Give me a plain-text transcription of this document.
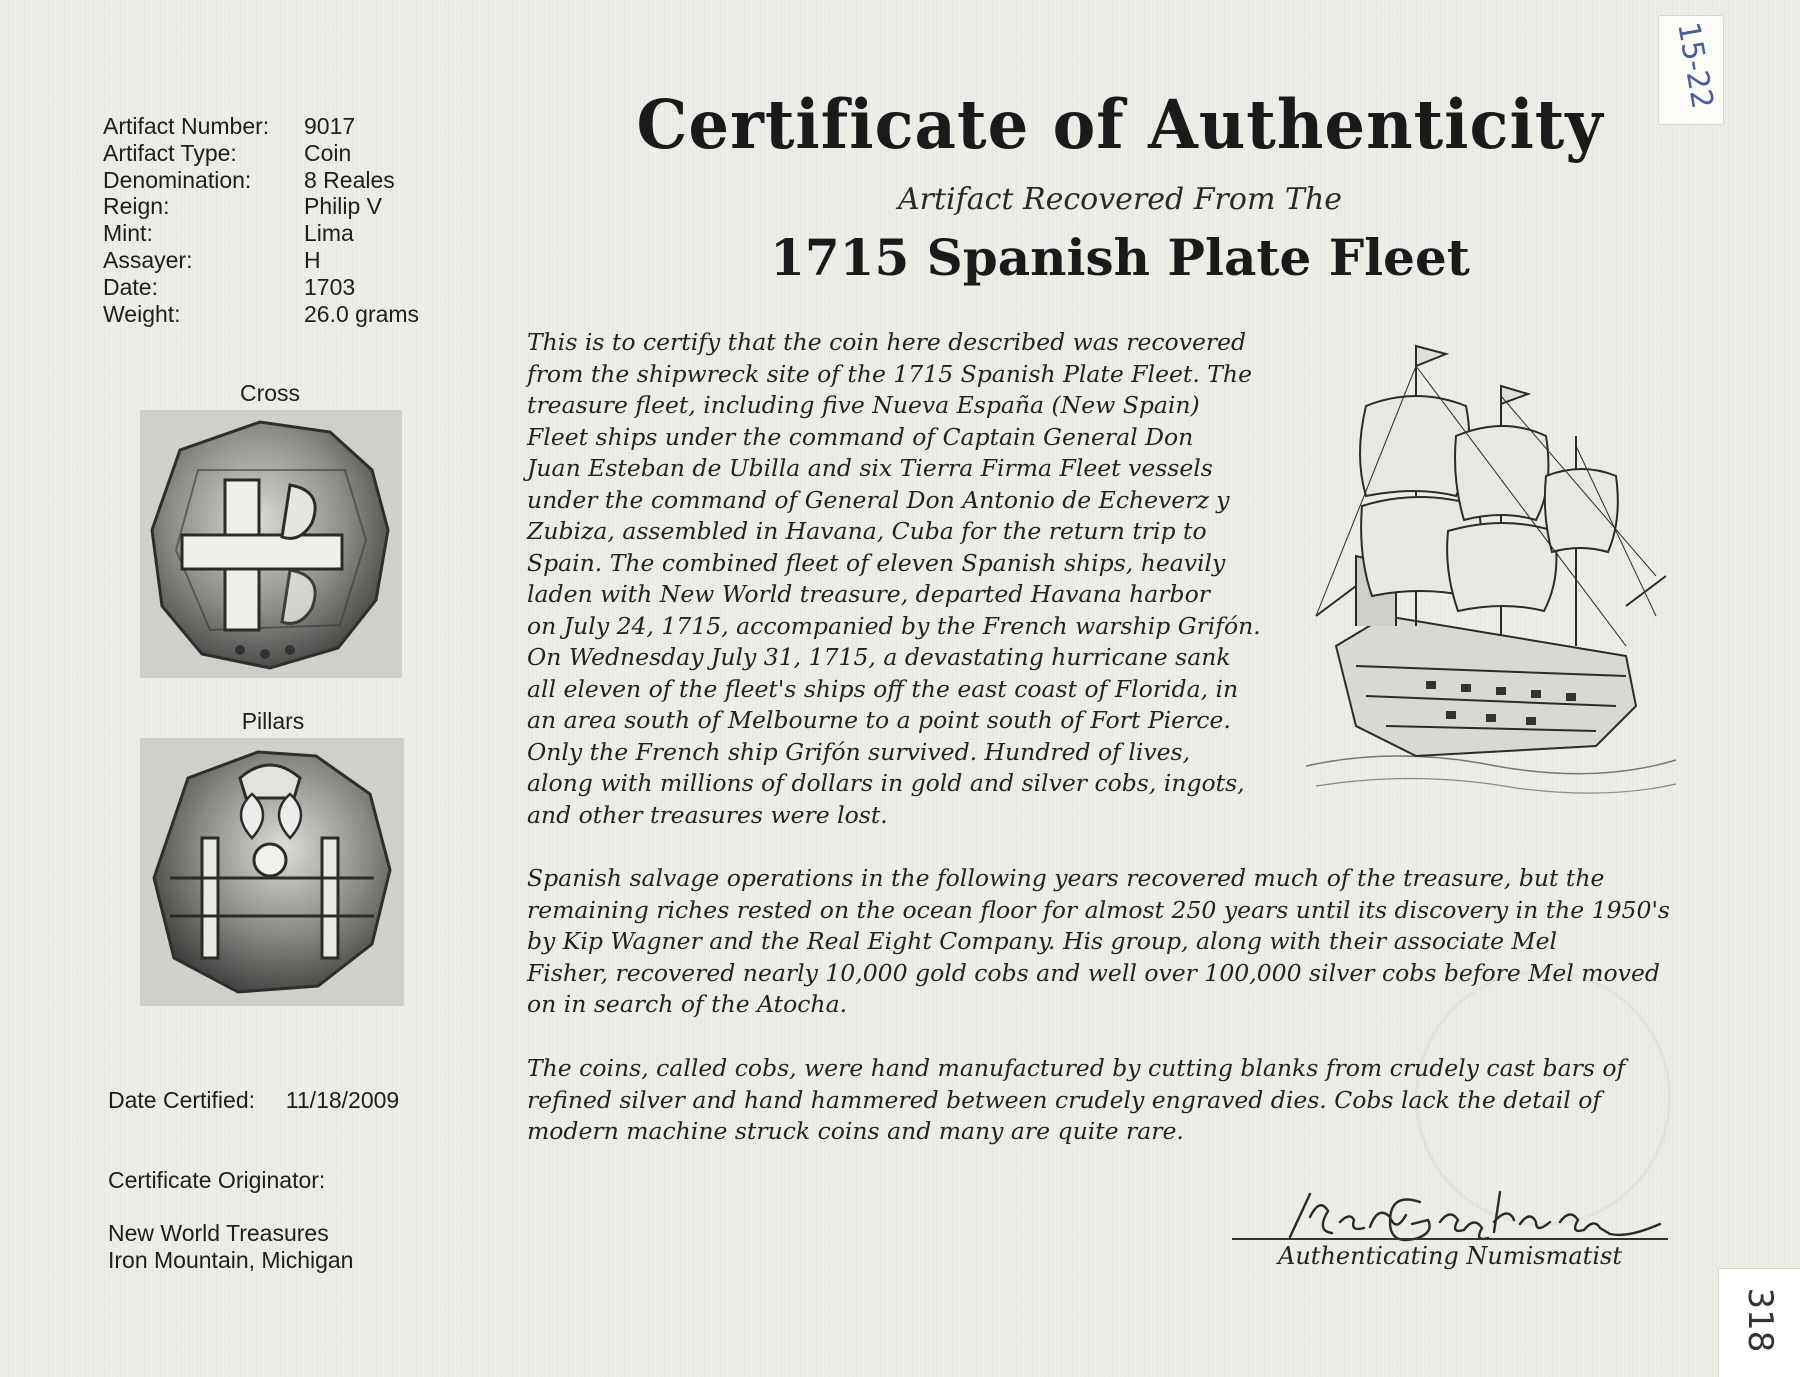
Artifact Number:	9017
Artifact Type:	Coin
Denomination:	8 Reales
Reign:	Philip V
Mint:	Lima
Assayer:	H
Date:	1703
Weight:	26.0 grams
Cross
Pillars
Date Certified: 11/18/2009
Certificate Originator:
New World Treasures
Iron Mountain, Michigan
Certificate of Authenticity
Artifact Recovered From The
1715 Spanish Plate Fleet
This is to certify that the coin here described was recovered
from the shipwreck site of the 1715 Spanish Plate Fleet. The
treasure fleet, including five Nueva España (New Spain)
Fleet ships under the command of Captain General Don
Juan Esteban de Ubilla and six Tierra Firma Fleet vessels
under the command of General Don Antonio de Echeverz y
Zubiza, assembled in Havana, Cuba for the return trip to
Spain. The combined fleet of eleven Spanish ships, heavily
laden with New World treasure, departed Havana harbor
on July 24, 1715, accompanied by the French warship Grifón.
On Wednesday July 31, 1715, a devastating hurricane sank
all eleven of the fleet's ships off the east coast of Florida, in
an area south of Melbourne to a point south of Fort Pierce.
Only the French ship Grifón survived. Hundred of lives,
along with millions of dollars in gold and silver cobs, ingots,
and other treasures were lost.
Spanish salvage operations in the following years recovered much of the treasure, but the
remaining riches rested on the ocean floor for almost 250 years until its discovery in the 1950's
by Kip Wagner and the Real Eight Company. His group, along with their associate Mel
Fisher, recovered nearly 10,000 gold cobs and well over 100,000 silver cobs before Mel moved
on in search of the Atocha.
The coins, called cobs, were hand manufactured by cutting blanks from crudely cast bars of
refined silver and hand hammered between crudely engraved dies. Cobs lack the detail of
modern machine struck coins and many are quite rare.
Authenticating Numismatist
15-22
318
